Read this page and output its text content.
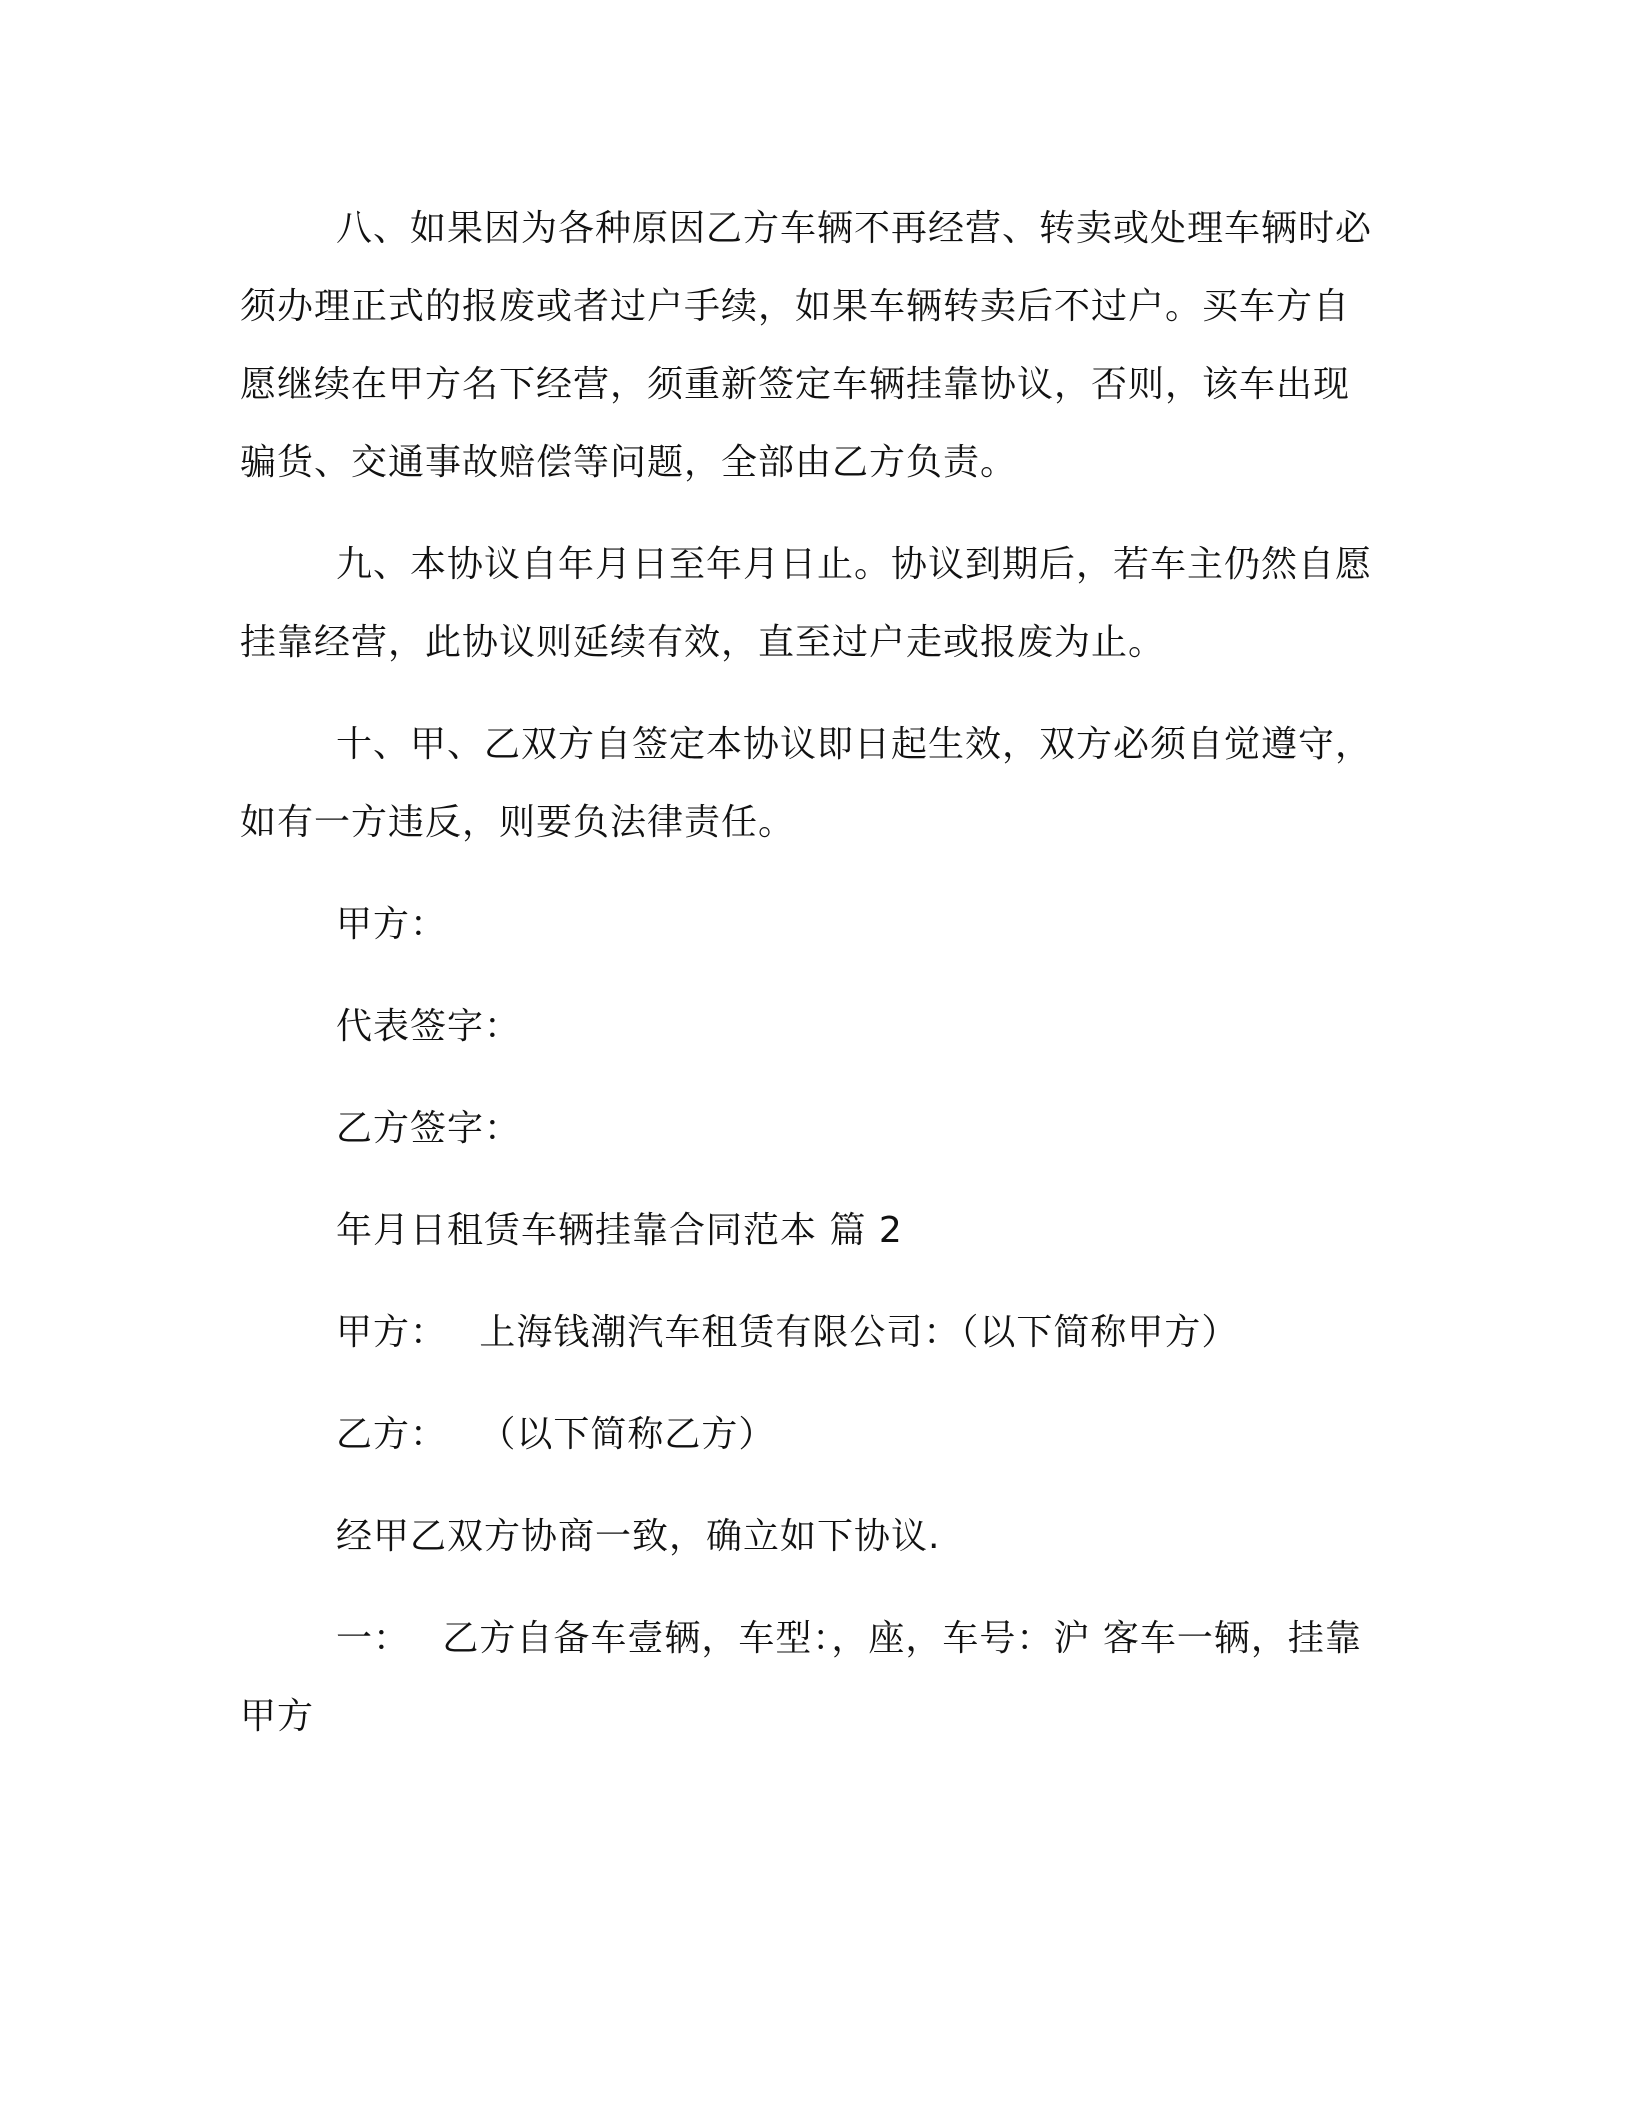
八、如果因为各种原因乙方车辆不再经营、转卖或处理车辆时必须办理正式的报废或者过户手续，如果车辆转卖后不过户。买车方自愿继续在甲方名下经营，须重新签定车辆挂靠协议，否则，该车出现骗货、交通事故赔偿等问题，全部由乙方负责。

九、本协议自年月日至年月日止。协议到期后，若车主仍然自愿挂靠经营，此协议则延续有效，直至过户走或报废为止。

十、甲、乙双方自签定本协议即日起生效，双方必须自觉遵守，如有一方违反，则要负法律责任。

甲方：

代表签字：

乙方签字：

年月日租赁车辆挂靠合同范本 篇 2

甲方： 上海钱潮汽车租赁有限公司：（以下简称甲方）

乙方： （以下简称乙方）

经甲乙双方协商一致，确立如下协议.

一： 乙方自备车壹辆，车型：，座，车号：沪 客车一辆，挂靠甲方
